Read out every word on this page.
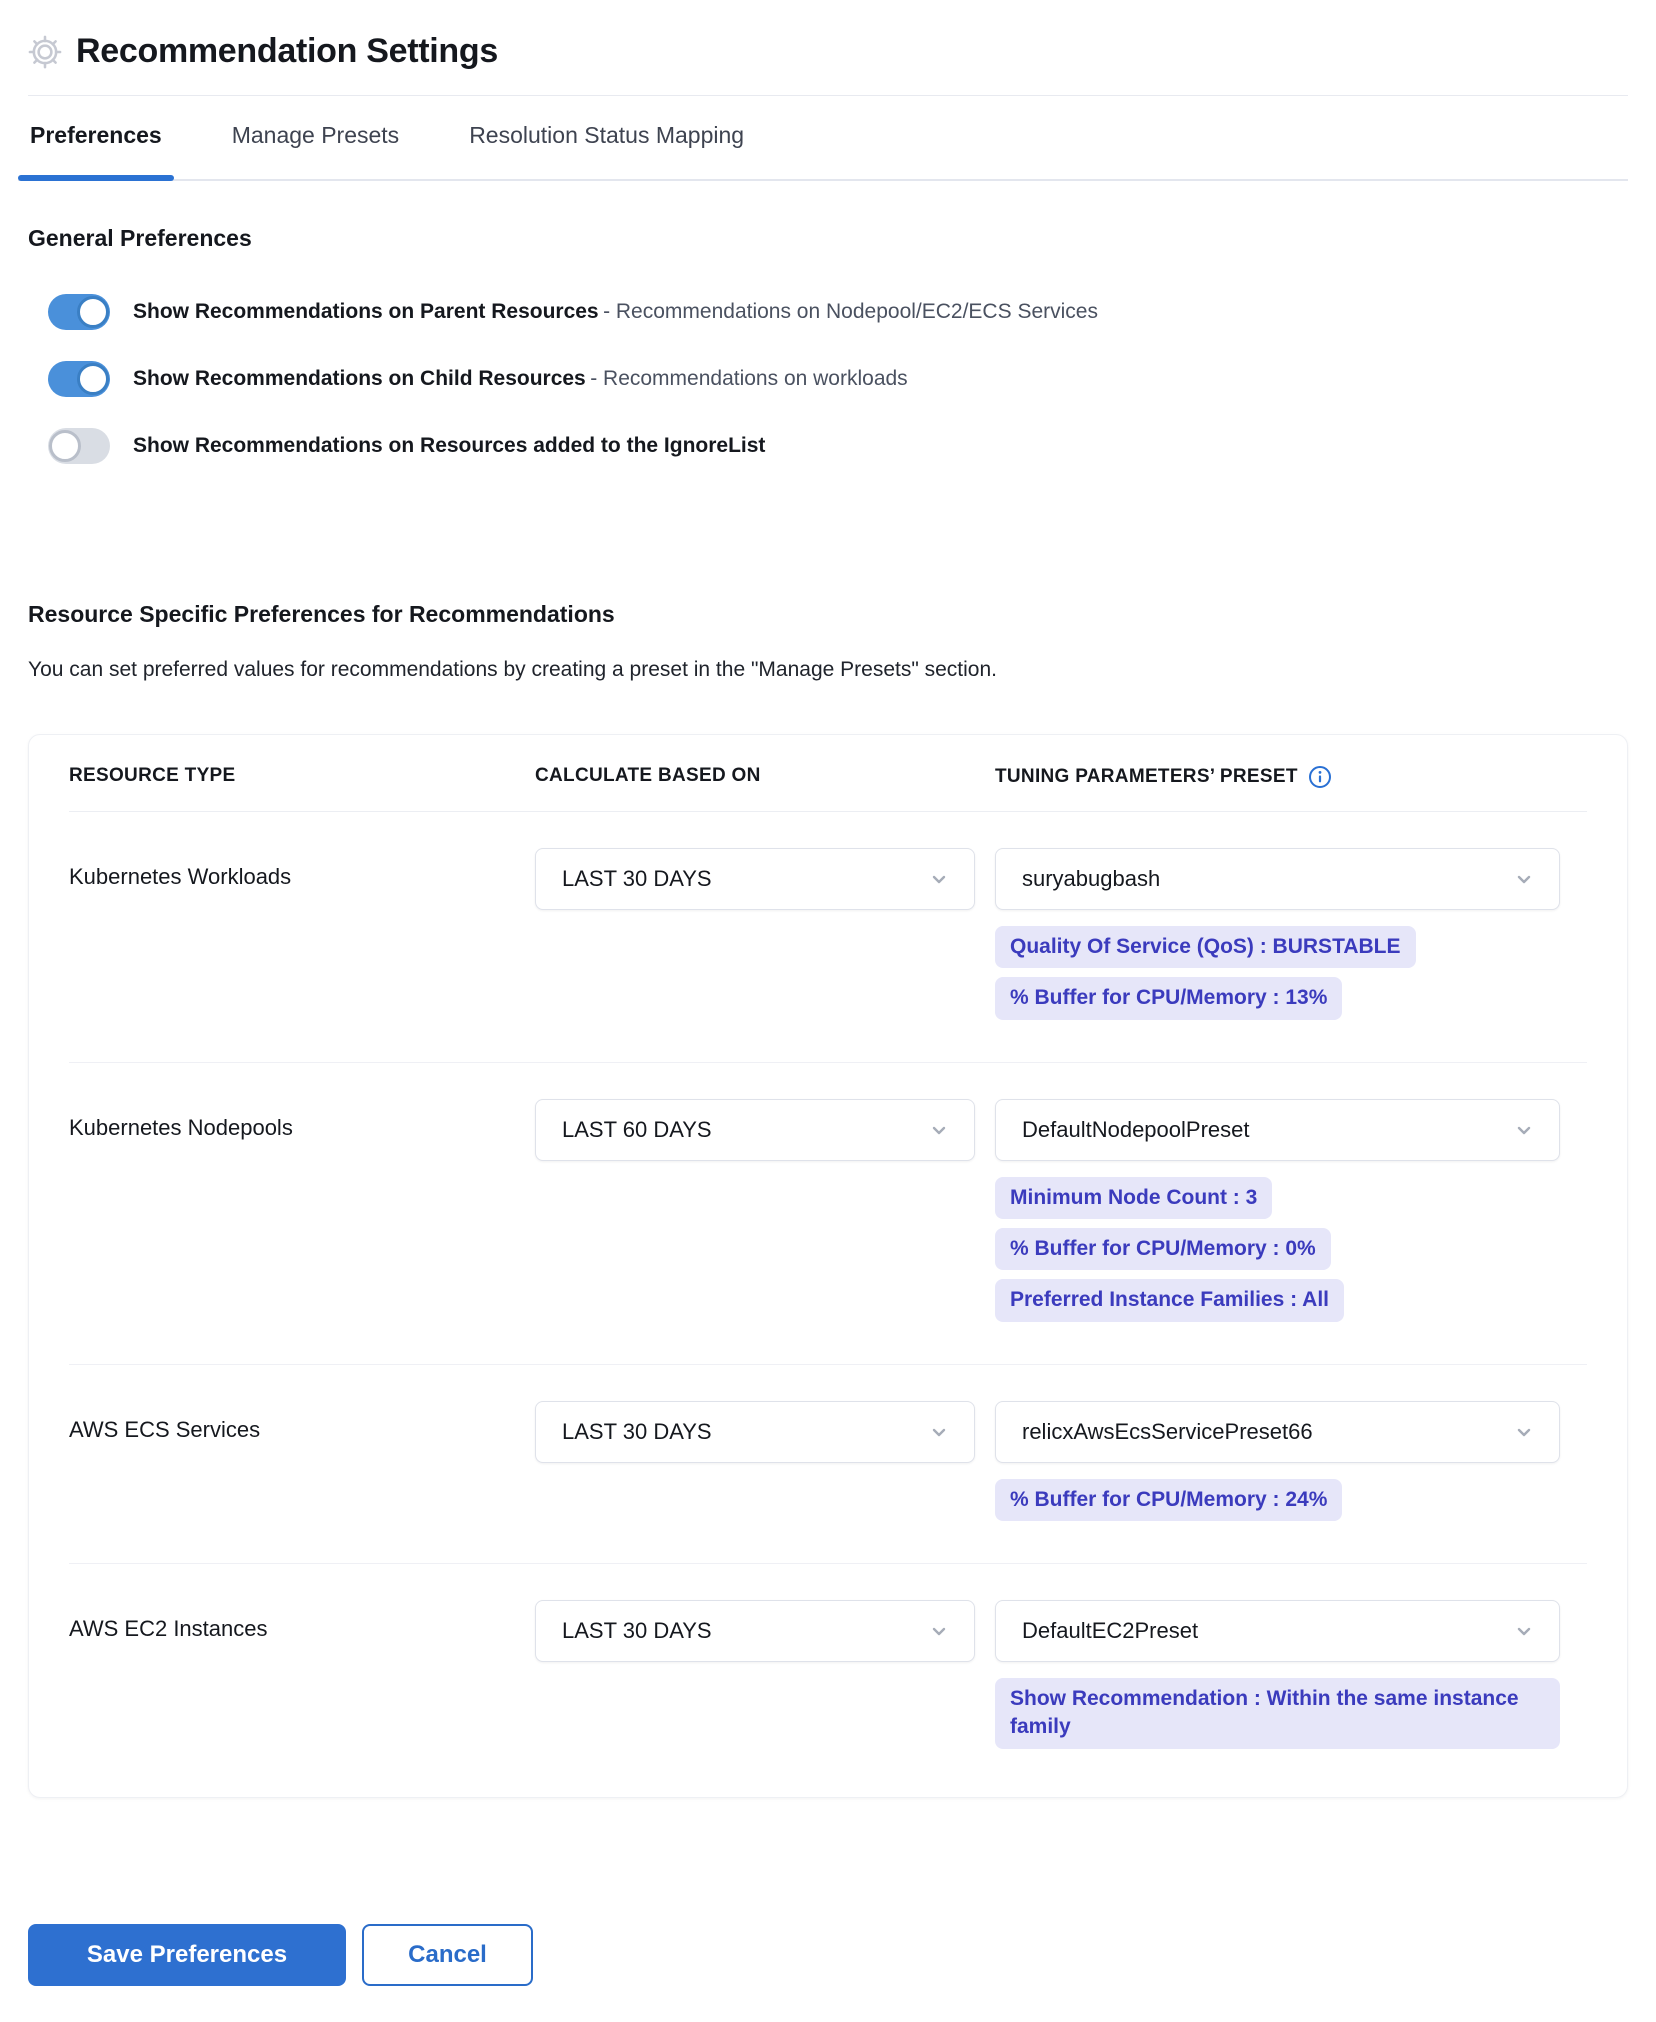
Recommendation Settings
Preferences	Manage Presets	Resolution Status Mapping
General Preferences
Show Recommendations on Parent Resources - Recommendations on Nodepool/EC2/ECS Services
Show Recommendations on Child Resources - Recommendations on workloads
Show Recommendations on Resources added to the IgnoreList
Resource Specific Preferences for Recommendations
You can set preferred values for recommendations by creating a preset in the "Manage Presets" section.
RESOURCE TYPE	CALCULATE BASED ON	TUNING PARAMETERS’ PRESET
Kubernetes Workloads	LAST 30 DAYS	suryabugbash
Quality Of Service (QoS) : BURSTABLE
% Buffer for CPU/Memory : 13%
Kubernetes Nodepools	LAST 60 DAYS	DefaultNodepoolPreset
Minimum Node Count : 3
% Buffer for CPU/Memory : 0%
Preferred Instance Families : All
AWS ECS Services	LAST 30 DAYS	relicxAwsEcsServicePreset66
% Buffer for CPU/Memory : 24%
AWS EC2 Instances	LAST 30 DAYS	DefaultEC2Preset
Show Recommendation : Within the same instance family
Save Preferences	Cancel
